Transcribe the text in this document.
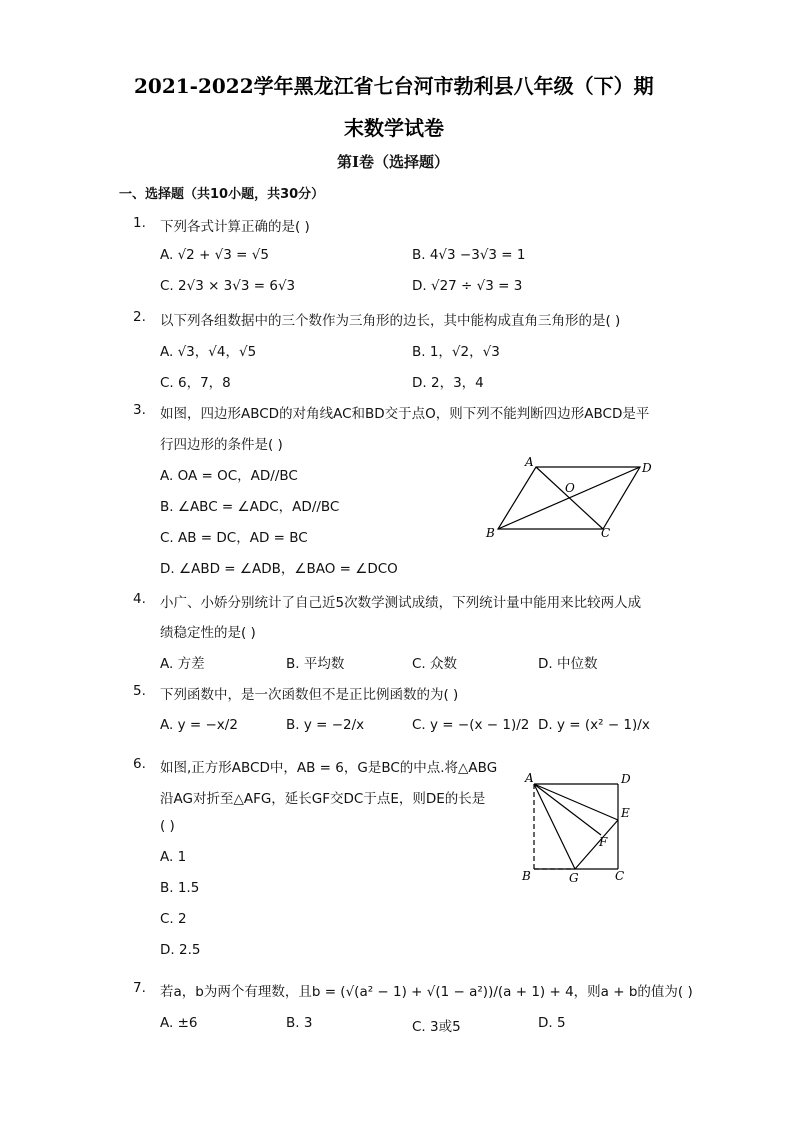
2021-2022学年黑龙江省七台河市勃利县八年级（下）期
末数学试卷
第I卷（选择题）
一、选择题（共10小题，共30分）
1. 下列各式计算正确的是( )
A. √2 + √3 = √5	B. 4√3 −3√3 = 1
C. 2√3 × 3√3 = 6√3	D. √27 ÷ √3 = 3
2. 以下列各组数据中的三个数作为三角形的边长，其中能构成直角三角形的是( )
A. √3，√4，√5	B. 1，√2，√3
C. 6，7，8	D. 2，3，4
3. 如图，四边形ABCD的对角线AC和BD交于点O，则下列不能判断四边形ABCD是平
行四边形的条件是( )
A. OA = OC，AD//BC
B. ∠ABC = ∠ADC，AD//BC
C. AB = DC，AD = BC
D. ∠ABD = ∠ADB，∠BAO = ∠DCO
A	D
O
B	C
4. 小广、小娇分别统计了自己近5次数学测试成绩，下列统计量中能用来比较两人成
绩稳定性的是( )
A. 方差	B. 平均数	C. 众数	D. 中位数
5. 下列函数中，是一次函数但不是正比例函数的为( )
A. y = −x/2	B. y = −2/x	C. y = −(x − 1)/2 D. y = (x² − 1)/x
6. 如图,正方形ABCD中，AB = 6，G是BC的中点.将△ABG
沿AG对折至△AFG，延长GF交DC于点E，则DE的长是
( )
A. 1
B. 1.5
C. 2
D. 2.5
A	D
E
F
B	G	C
7. 若a，b为两个有理数，且b = (√(a² − 1) + √(1 − a²))/(a + 1) + 4，则a + b的值为( )
A. ±6	B. 3	C. 3或5	D. 5
